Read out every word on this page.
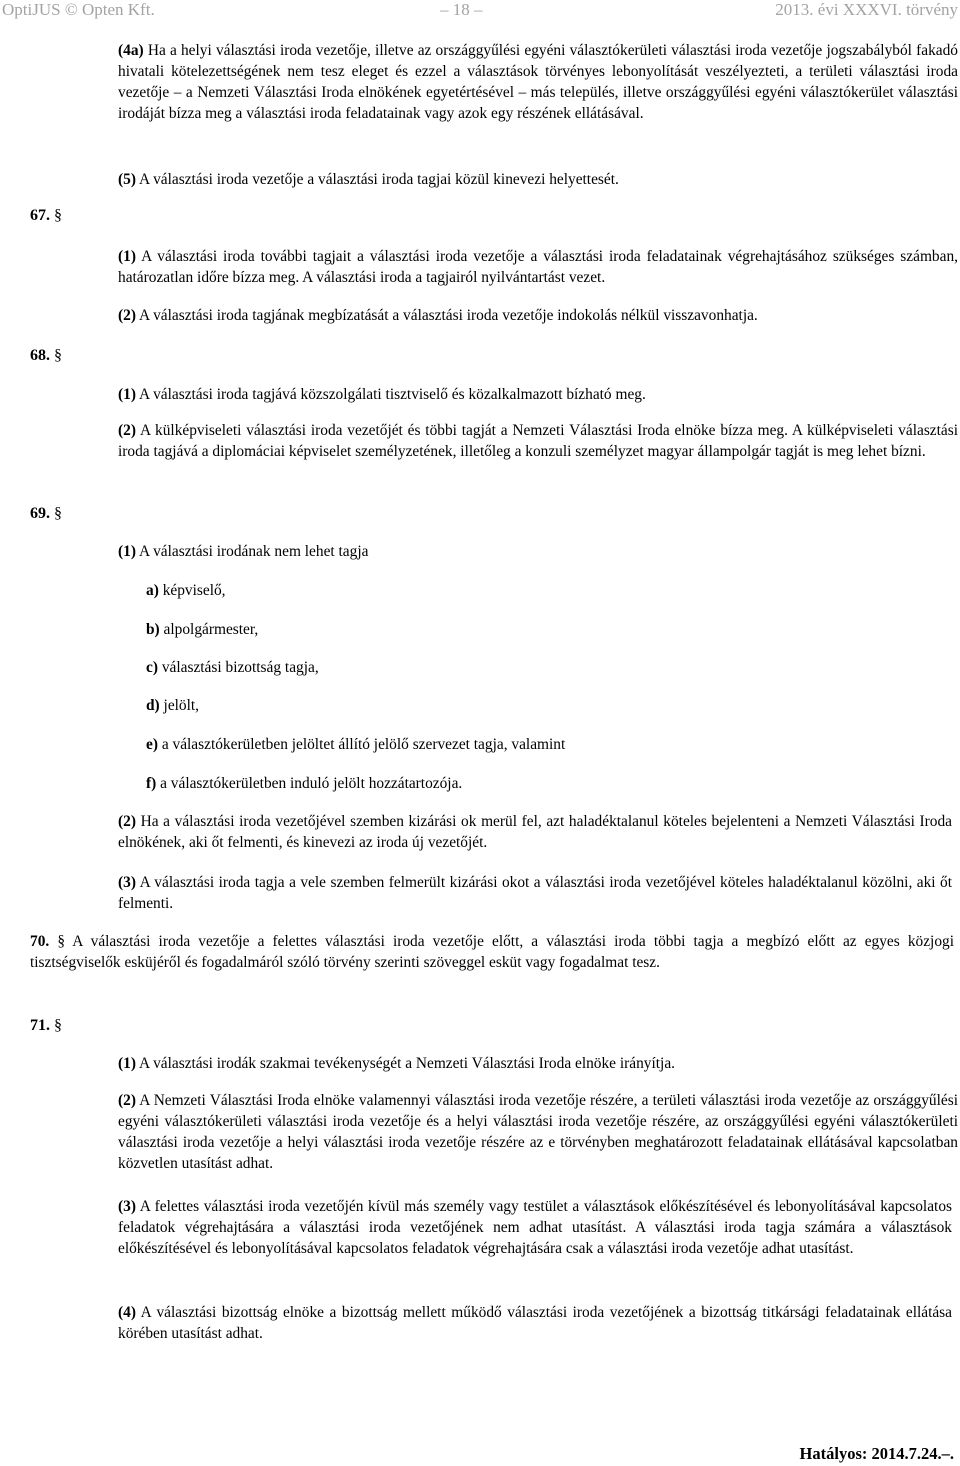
OptiJUS © Opten Kft.	– 18 –	2013. évi XXXVI. törvény

(4a) Ha a helyi választási iroda vezetője, illetve az országgyűlési egyéni választókerületi választási iroda vezetője jogszabályból fakadó hivatali kötelezettségének nem tesz eleget és ezzel a választások törvényes lebonyolítását veszélyezteti, a területi választási iroda vezetője – a Nemzeti Választási Iroda elnökének egyetértésével – más település, illetve országgyűlési egyéni választókerület választási irodáját bízza meg a választási iroda feladatainak vagy azok egy részének ellátásával.

(5) A választási iroda vezetője a választási iroda tagjai közül kinevezi helyettesét.

67. §

(1) A választási iroda további tagjait a választási iroda vezetője a választási iroda feladatainak végrehajtásához szükséges számban, határozatlan időre bízza meg. A választási iroda a tagjairól nyilvántartást vezet.

(2) A választási iroda tagjának megbízatását a választási iroda vezetője indokolás nélkül visszavonhatja.

68. §

(1) A választási iroda tagjává közszolgálati tisztviselő és közalkalmazott bízható meg.

(2) A külképviseleti választási iroda vezetőjét és többi tagját a Nemzeti Választási Iroda elnöke bízza meg. A külképviseleti választási iroda tagjává a diplomáciai képviselet személyzetének, illetőleg a konzuli személyzet magyar állampolgár tagját is meg lehet bízni.

69. §

(1) A választási irodának nem lehet tagja

a) képviselő,

b) alpolgármester,

c) választási bizottság tagja,

d) jelölt,

e) a választókerületben jelöltet állító jelölő szervezet tagja, valamint

f) a választókerületben induló jelölt hozzátartozója.

(2) Ha a választási iroda vezetőjével szemben kizárási ok merül fel, azt haladéktalanul köteles bejelenteni a Nemzeti Választási Iroda elnökének, aki őt felmenti, és kinevezi az iroda új vezetőjét.

(3) A választási iroda tagja a vele szemben felmerült kizárási okot a választási iroda vezetőjével köteles haladéktalanul közölni, aki őt felmenti.

70. § A választási iroda vezetője a felettes választási iroda vezetője előtt, a választási iroda többi tagja a megbízó előtt az egyes közjogi tisztségviselők esküjéről és fogadalmáról szóló törvény szerinti szöveggel esküt vagy fogadalmat tesz.

71. §

(1) A választási irodák szakmai tevékenységét a Nemzeti Választási Iroda elnöke irányítja.

(2) A Nemzeti Választási Iroda elnöke valamennyi választási iroda vezetője részére, a területi választási iroda vezetője az országgyűlési egyéni választókerületi választási iroda vezetője és a helyi választási iroda vezetője részére, az országgyűlési egyéni választókerületi választási iroda vezetője a helyi választási iroda vezetője részére az e törvényben meghatározott feladatainak ellátásával kapcsolatban közvetlen utasítást adhat.

(3) A felettes választási iroda vezetőjén kívül más személy vagy testület a választások előkészítésével és lebonyolításával kapcsolatos feladatok végrehajtására a választási iroda vezetőjének nem adhat utasítást. A választási iroda tagja számára a választások előkészítésével és lebonyolításával kapcsolatos feladatok végrehajtására csak a választási iroda vezetője adhat utasítást.

(4) A választási bizottság elnöke a bizottság mellett működő választási iroda vezetőjének a bizottság titkársági feladatainak ellátása körében utasítást adhat.

Hatályos: 2014.7.24.–.
